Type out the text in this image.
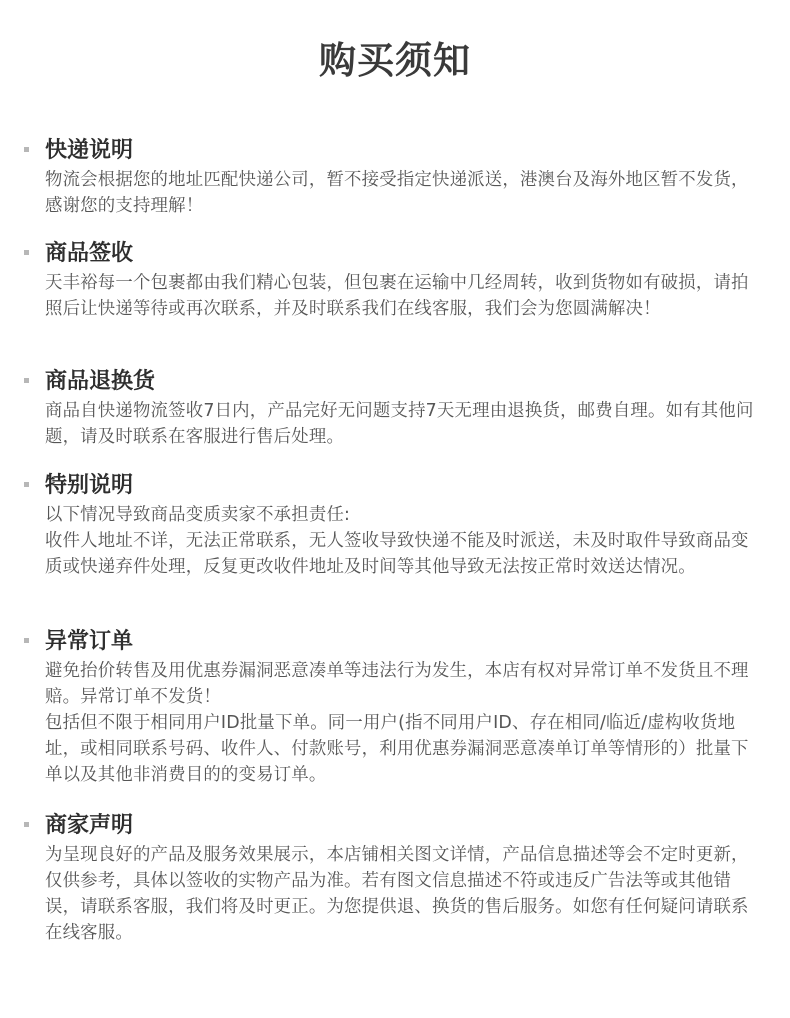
购买须知
快递说明

物流会根据您的地址匹配快递公司，暂不接受指定快递派送，港澳台及海外地区暂不发货，感谢您的支持理解！

商品签收

天丰裕每一个包裹都由我们精心包装，但包裹在运输中几经周转，收到货物如有破损，请拍照后让快递等待或再次联系，并及时联系我们在线客服，我们会为您圆满解决！

商品退换货

商品自快递物流签收7日内，产品完好无问题支持7天无理由退换货，邮费自理。如有其他问题，请及时联系在客服进行售后处理。

特别说明

以下情况导致商品变质卖家不承担责任:

收件人地址不详，无法正常联系，无人签收导致快递不能及时派送，未及时取件导致商品变质或快递弃件处理，反复更改收件地址及时间等其他导致无法按正常时效送达情况。

异常订单

避免抬价转售及用优惠券漏洞恶意凑单等违法行为发生，本店有权对异常订单不发货且不理赔。异常订单不发货！

包括但不限于相同用户ID批量下单。同一用户(指不同用户ID、存在相同/临近/虚构收货地址，或相同联系号码、收件人、付款账号，利用优惠券漏洞恶意凑单订单等情形的）批量下单以及其他非消费目的的变易订单。

商家声明

为呈现良好的产品及服务效果展示，本店铺相关图文详情，产品信息描述等会不定时更新，仅供参考，具体以签收的实物产品为准。若有图文信息描述不符或违反广告法等或其他错误，请联系客服，我们将及时更正。为您提供退、换货的售后服务。如您有任何疑问请联系在线客服。
